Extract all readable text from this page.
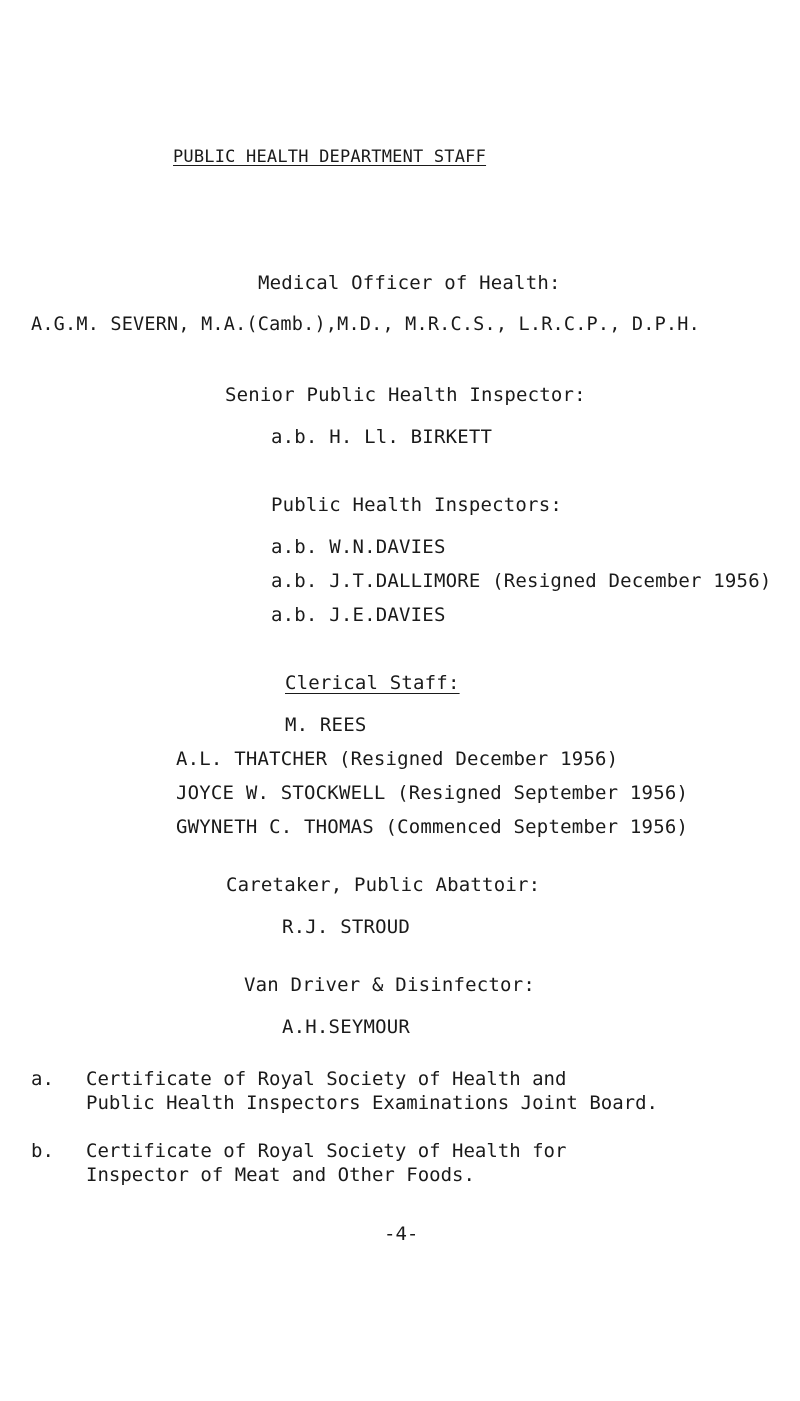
PUBLIC HEALTH DEPARTMENT STAFF
Medical Officer of Health:
A.G.M. SEVERN, M.A.(Camb.),M.D., M.R.C.S., L.R.C.P., D.P.H.
Senior Public Health Inspector:
a.b. H. Ll. BIRKETT
Public Health Inspectors:
a.b. W.N.DAVIES
a.b. J.T.DALLIMORE (Resigned December 1956)
a.b. J.E.DAVIES
Clerical Staff:
M. REES
A.L. THATCHER (Resigned December 1956)
JOYCE W. STOCKWELL (Resigned September 1956)
GWYNETH C. THOMAS (Commenced September 1956)
Caretaker, Public Abattoir:
R.J. STROUD
Van Driver & Disinfector:
A.H.SEYMOUR
a. Certificate of Royal Society of Health and
Public Health Inspectors Examinations Joint Board.
b. Certificate of Royal Society of Health for
Inspector of Meat and Other Foods.
-4-
